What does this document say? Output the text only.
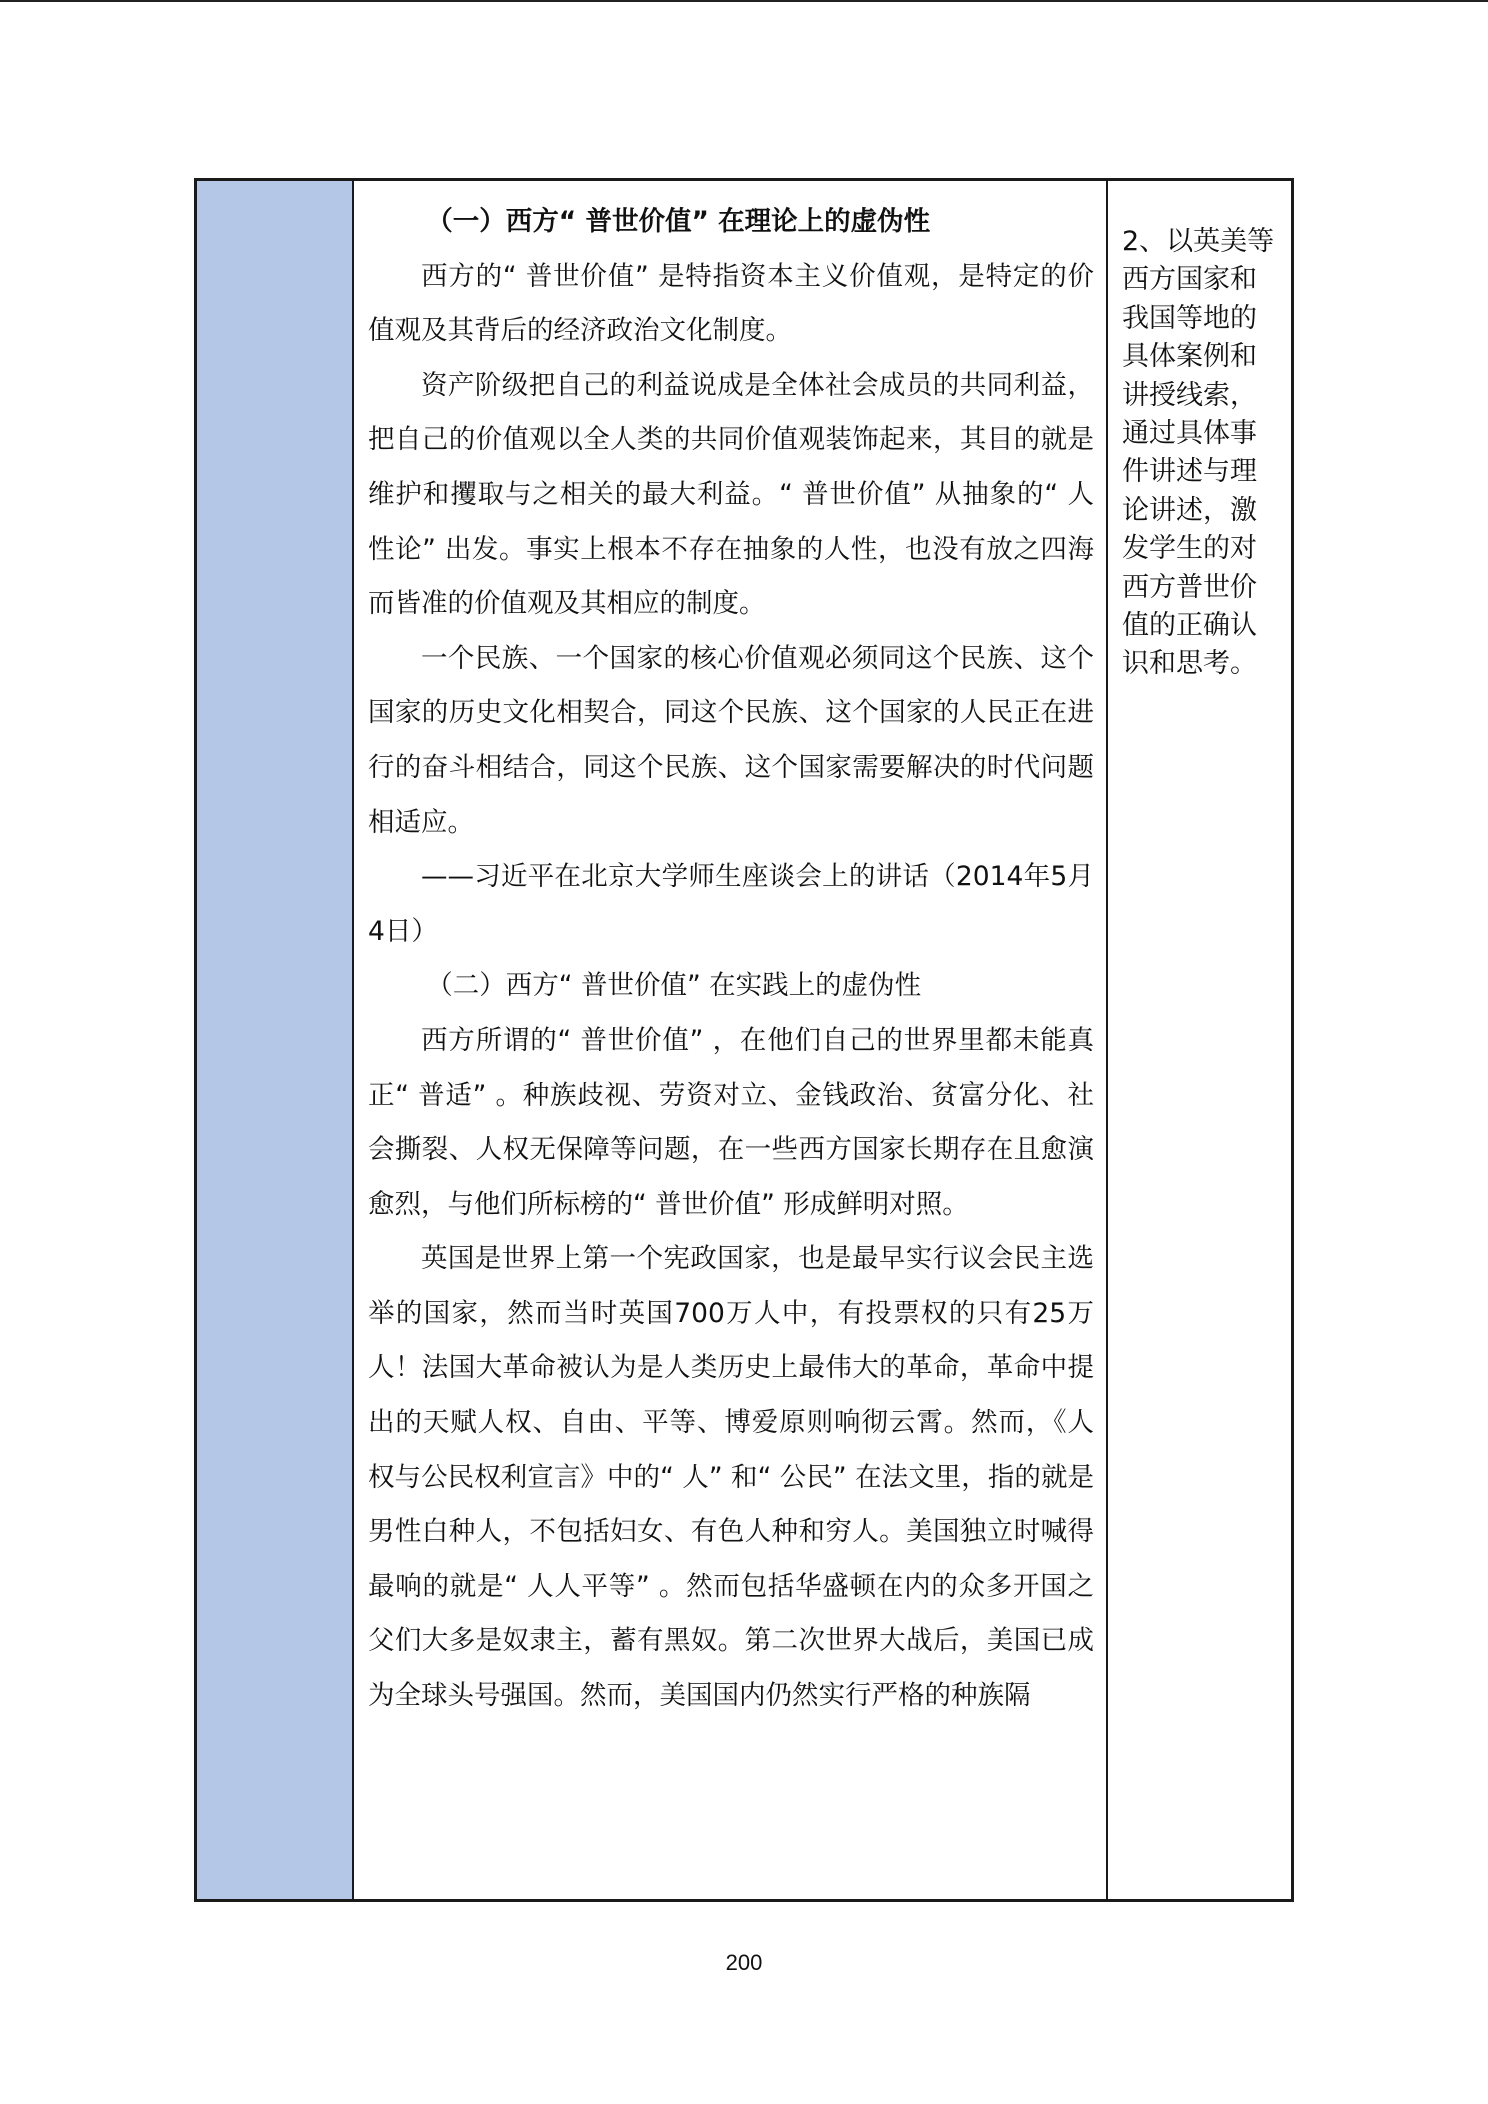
（一）西方“ 普世价值” 在理论上的虚伪性

西方的“ 普世价值” 是特指资本主义价值观，是特定的价值观及其背后的经济政治文化制度。

资产阶级把自己的利益说成是全体社会成员的共同利益，把自己的价值观以全人类的共同价值观装饰起来，其目的就是维护和攫取与之相关的最大利益。“ 普世价值” 从抽象的“ 人性论” 出发。事实上根本不存在抽象的人性，也没有放之四海而皆准的价值观及其相应的制度。

一个民族、一个国家的核心价值观必须同这个民族、这个国家的历史文化相契合，同这个民族、这个国家的人民正在进行的奋斗相结合，同这个民族、这个国家需要解决的时代问题相适应。

——习近平在北京大学师生座谈会上的讲话（2014年5月4日）

（二）西方“ 普世价值” 在实践上的虚伪性

西方所谓的“ 普世价值” ，在他们自己的世界里都未能真正“ 普适” 。种族歧视、劳资对立、金钱政治、贫富分化、社会撕裂、人权无保障等问题，在一些西方国家长期存在且愈演愈烈，与他们所标榜的“ 普世价值” 形成鲜明对照。

英国是世界上第一个宪政国家，也是最早实行议会民主选举的国家，然而当时英国700万人中，有投票权的只有25万人！法国大革命被认为是人类历史上最伟大的革命，革命中提出的天赋人权、自由、平等、博爱原则响彻云霄。然而，《人权与公民权利宣言》中的“ 人” 和“ 公民” 在法文里，指的就是男性白种人，不包括妇女、有色人种和穷人。美国独立时喊得最响的就是“ 人人平等” 。然而包括华盛顿在内的众多开国之父们大多是奴隶主，蓄有黑奴。第二次世界大战后，美国已成为全球头号强国。然而，美国国内仍然实行严格的种族隔

2、以英美等西方国家和我国等地的具体案例和讲授线索，通过具体事件讲述与理论讲述，激发学生的对西方普世价值的正确认识和思考。

200
